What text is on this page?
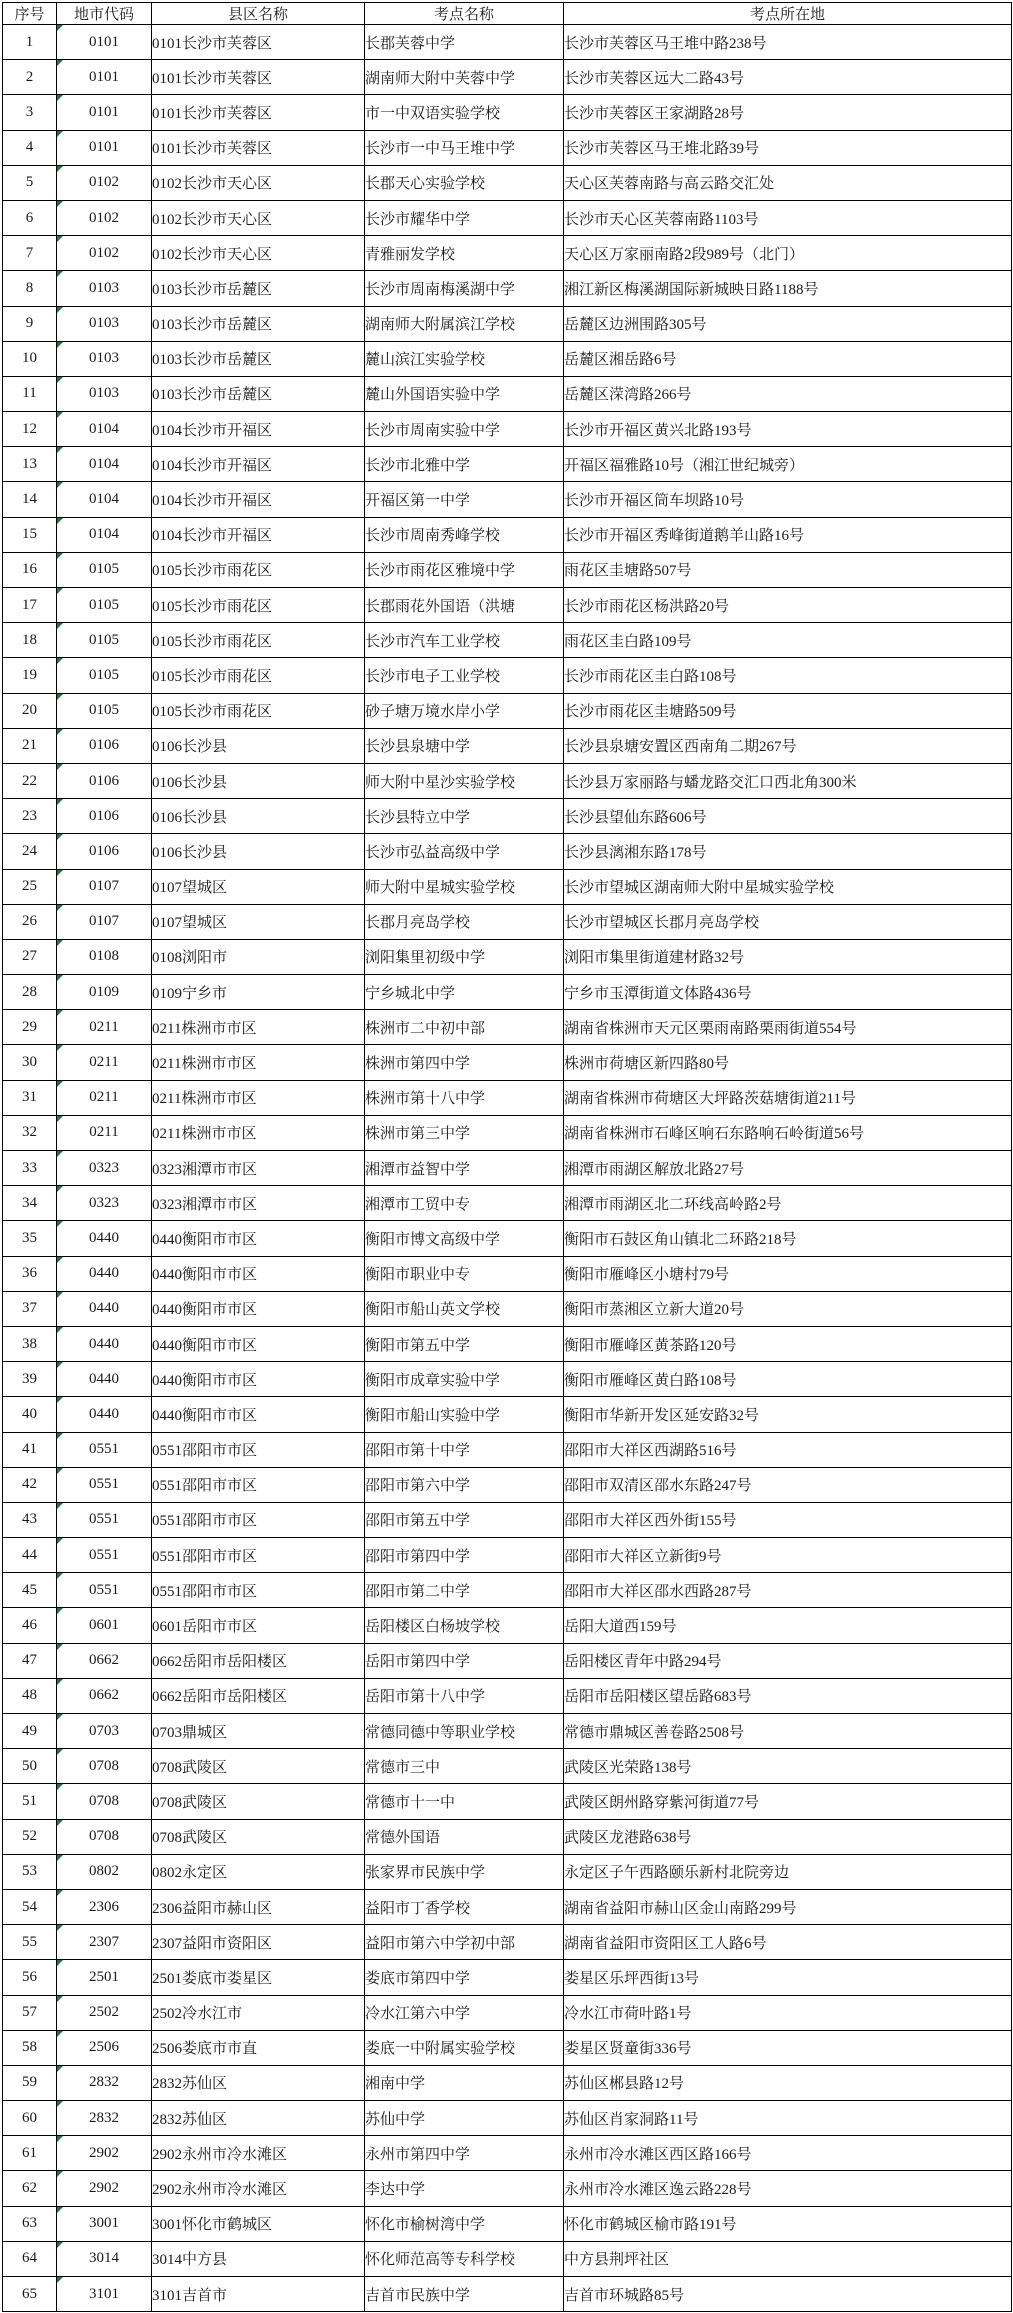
序号	地市代码	县区名称	考点名称	考点所在地
1	0101	0101长沙市芙蓉区	长郡芙蓉中学	长沙市芙蓉区马王堆中路238号
2	0101	0101长沙市芙蓉区	湖南师大附中芙蓉中学	长沙市芙蓉区远大二路43号
3	0101	0101长沙市芙蓉区	市一中双语实验学校	长沙市芙蓉区王家湖路28号
4	0101	0101长沙市芙蓉区	长沙市一中马王堆中学	长沙市芙蓉区马王堆北路39号
5	0102	0102长沙市天心区	长郡天心实验学校	天心区芙蓉南路与高云路交汇处
6	0102	0102长沙市天心区	长沙市耀华中学	长沙市天心区芙蓉南路1103号
7	0102	0102长沙市天心区	青雅丽发学校	天心区万家丽南路2段989号（北门）
8	0103	0103长沙市岳麓区	长沙市周南梅溪湖中学	湘江新区梅溪湖国际新城映日路1188号
9	0103	0103长沙市岳麓区	湖南师大附属滨江学校	岳麓区边洲围路305号
10	0103	0103长沙市岳麓区	麓山滨江实验学校	岳麓区湘岳路6号
11	0103	0103长沙市岳麓区	麓山外国语实验中学	岳麓区溁湾路266号
12	0104	0104长沙市开福区	长沙市周南实验中学	长沙市开福区黄兴北路193号
13	0104	0104长沙市开福区	长沙市北雅中学	开福区福雅路10号（湘江世纪城旁）
14	0104	0104长沙市开福区	开福区第一中学	长沙市开福区筒车坝路10号
15	0104	0104长沙市开福区	长沙市周南秀峰学校	长沙市开福区秀峰街道鹅羊山路16号
16	0105	0105长沙市雨花区	长沙市雨花区雅境中学	雨花区圭塘路507号
17	0105	0105长沙市雨花区	长郡雨花外国语（洪塘	长沙市雨花区杨洪路20号
18	0105	0105长沙市雨花区	长沙市汽车工业学校	雨花区圭白路109号
19	0105	0105长沙市雨花区	长沙市电子工业学校	长沙市雨花区圭白路108号
20	0105	0105长沙市雨花区	砂子塘万境水岸小学	长沙市雨花区圭塘路509号
21	0106	0106长沙县	长沙县泉塘中学	长沙县泉塘安置区西南角二期267号
22	0106	0106长沙县	师大附中星沙实验学校	长沙县万家丽路与蟠龙路交汇口西北角300米
23	0106	0106长沙县	长沙县特立中学	长沙县望仙东路606号
24	0106	0106长沙县	长沙市弘益高级中学	长沙县漓湘东路178号
25	0107	0107望城区	师大附中星城实验学校	长沙市望城区湖南师大附中星城实验学校
26	0107	0107望城区	长郡月亮岛学校	长沙市望城区长郡月亮岛学校
27	0108	0108浏阳市	浏阳集里初级中学	浏阳市集里街道建材路32号
28	0109	0109宁乡市	宁乡城北中学	宁乡市玉潭街道文体路436号
29	0211	0211株洲市市区	株洲市二中初中部	湖南省株洲市天元区栗雨南路栗雨街道554号
30	0211	0211株洲市市区	株洲市第四中学	株洲市荷塘区新四路80号
31	0211	0211株洲市市区	株洲市第十八中学	湖南省株洲市荷塘区大坪路茨菇塘街道211号
32	0211	0211株洲市市区	株洲市第三中学	湖南省株洲市石峰区响石东路响石岭街道56号
33	0323	0323湘潭市市区	湘潭市益智中学	湘潭市雨湖区解放北路27号
34	0323	0323湘潭市市区	湘潭市工贸中专	湘潭市雨湖区北二环线高岭路2号
35	0440	0440衡阳市市区	衡阳市博文高级中学	衡阳市石鼓区角山镇北二环路218号
36	0440	0440衡阳市市区	衡阳市职业中专	衡阳市雁峰区小塘村79号
37	0440	0440衡阳市市区	衡阳市船山英文学校	衡阳市蒸湘区立新大道20号
38	0440	0440衡阳市市区	衡阳市第五中学	衡阳市雁峰区黄茶路120号
39	0440	0440衡阳市市区	衡阳市成章实验中学	衡阳市雁峰区黄白路108号
40	0440	0440衡阳市市区	衡阳市船山实验中学	衡阳市华新开发区延安路32号
41	0551	0551邵阳市市区	邵阳市第十中学	邵阳市大祥区西湖路516号
42	0551	0551邵阳市市区	邵阳市第六中学	邵阳市双清区邵水东路247号
43	0551	0551邵阳市市区	邵阳市第五中学	邵阳市大祥区西外街155号
44	0551	0551邵阳市市区	邵阳市第四中学	邵阳市大祥区立新街9号
45	0551	0551邵阳市市区	邵阳市第二中学	邵阳市大祥区邵水西路287号
46	0601	0601岳阳市市区	岳阳楼区白杨坡学校	岳阳大道西159号
47	0662	0662岳阳市岳阳楼区	岳阳市第四中学	岳阳楼区青年中路294号
48	0662	0662岳阳市岳阳楼区	岳阳市第十八中学	岳阳市岳阳楼区望岳路683号
49	0703	0703鼎城区	常德同德中等职业学校	常德市鼎城区善卷路2508号
50	0708	0708武陵区	常德市三中	武陵区光荣路138号
51	0708	0708武陵区	常德市十一中	武陵区朗州路穿紫河街道77号
52	0708	0708武陵区	常德外国语	武陵区龙港路638号
53	0802	0802永定区	张家界市民族中学	永定区子午西路颐乐新村北院旁边
54	2306	2306益阳市赫山区	益阳市丁香学校	湖南省益阳市赫山区金山南路299号
55	2307	2307益阳市资阳区	益阳市第六中学初中部	湖南省益阳市资阳区工人路6号
56	2501	2501娄底市娄星区	娄底市第四中学	娄星区乐坪西街13号
57	2502	2502冷水江市	冷水江第六中学	冷水江市荷叶路1号
58	2506	2506娄底市市直	娄底一中附属实验学校	娄星区贤童街336号
59	2832	2832苏仙区	湘南中学	苏仙区郴县路12号
60	2832	2832苏仙区	苏仙中学	苏仙区肖家洞路11号
61	2902	2902永州市冷水滩区	永州市第四中学	永州市冷水滩区西区路166号
62	2902	2902永州市冷水滩区	李达中学	永州市冷水滩区逸云路228号
63	3001	3001怀化市鹤城区	怀化市榆树湾中学	怀化市鹤城区榆市路191号
64	3014	3014中方县	怀化师范高等专科学校	中方县荆坪社区
65	3101	3101吉首市	吉首市民族中学	吉首市环城路85号
